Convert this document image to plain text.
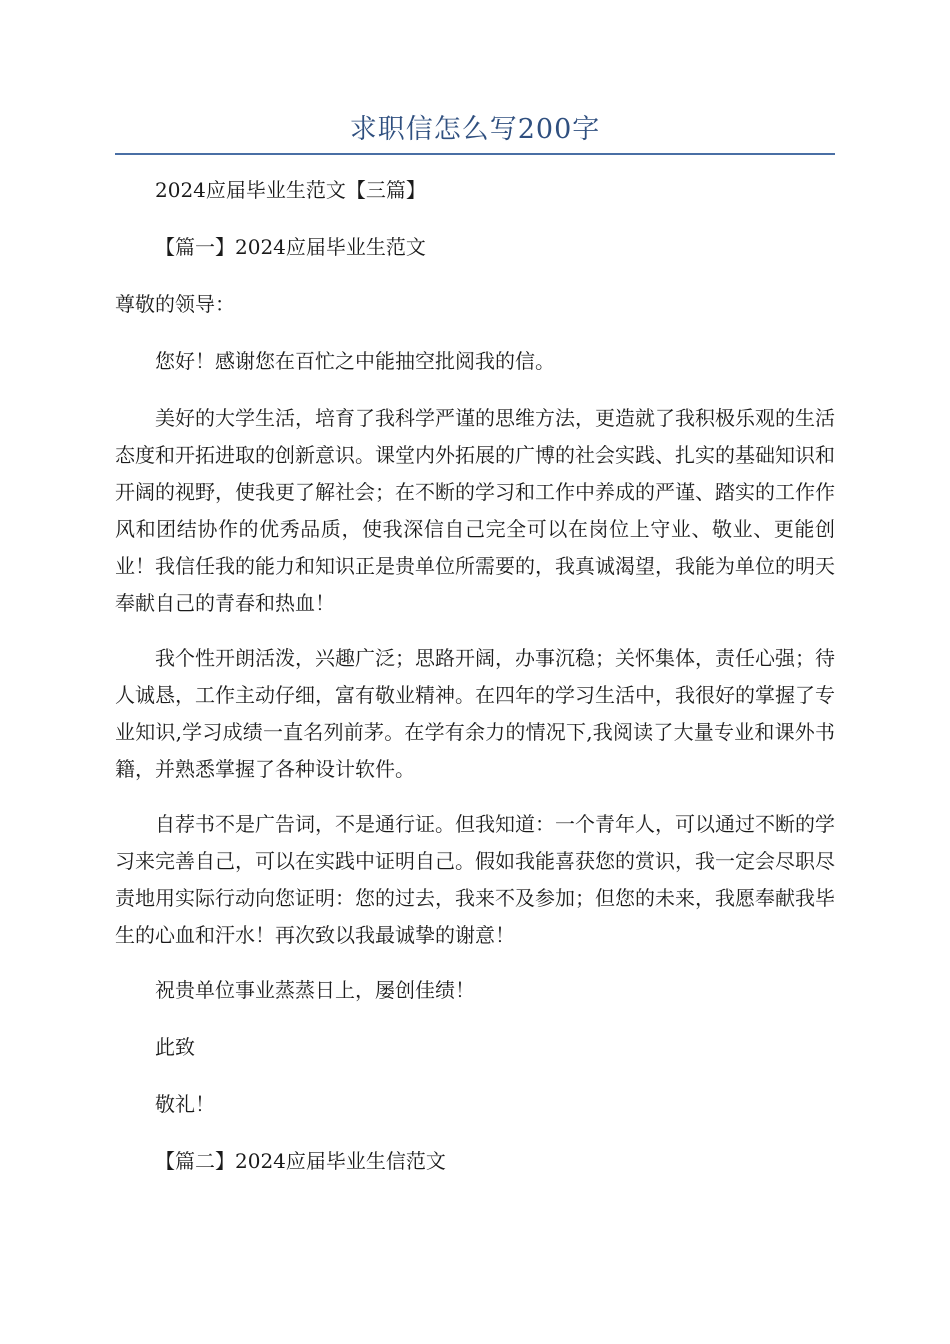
求职信怎么写200字

2024应届毕业生范文【三篇】

【篇一】2024应届毕业生范文

尊敬的领导：

您好！感谢您在百忙之中能抽空批阅我的信。

美好的大学生活，培育了我科学严谨的思维方法，更造就了我积极乐观的生活态度和开拓进取的创新意识。课堂内外拓展的广博的社会实践、扎实的基础知识和开阔的视野，使我更了解社会；在不断的学习和工作中养成的严谨、踏实的工作作风和团结协作的优秀品质，使我深信自己完全可以在岗位上守业、敬业、更能创业！我信任我的能力和知识正是贵单位所需要的，我真诚渴望，我能为单位的明天奉献自己的青春和热血！

我个性开朗活泼，兴趣广泛；思路开阔，办事沉稳；关怀集体，责任心强；待人诚恳，工作主动仔细，富有敬业精神。在四年的学习生活中，我很好的掌握了专业知识,学习成绩一直名列前茅。在学有余力的情况下,我阅读了大量专业和课外书籍，并熟悉掌握了各种设计软件。

自荐书不是广告词，不是通行证。但我知道：一个青年人，可以通过不断的学习来完善自己，可以在实践中证明自己。假如我能喜获您的赏识，我一定会尽职尽责地用实际行动向您证明：您的过去，我来不及参加；但您的未来，我愿奉献我毕生的心血和汗水！再次致以我最诚挚的谢意！

祝贵单位事业蒸蒸日上，屡创佳绩！

此致

敬礼！

【篇二】2024应届毕业生信范文
